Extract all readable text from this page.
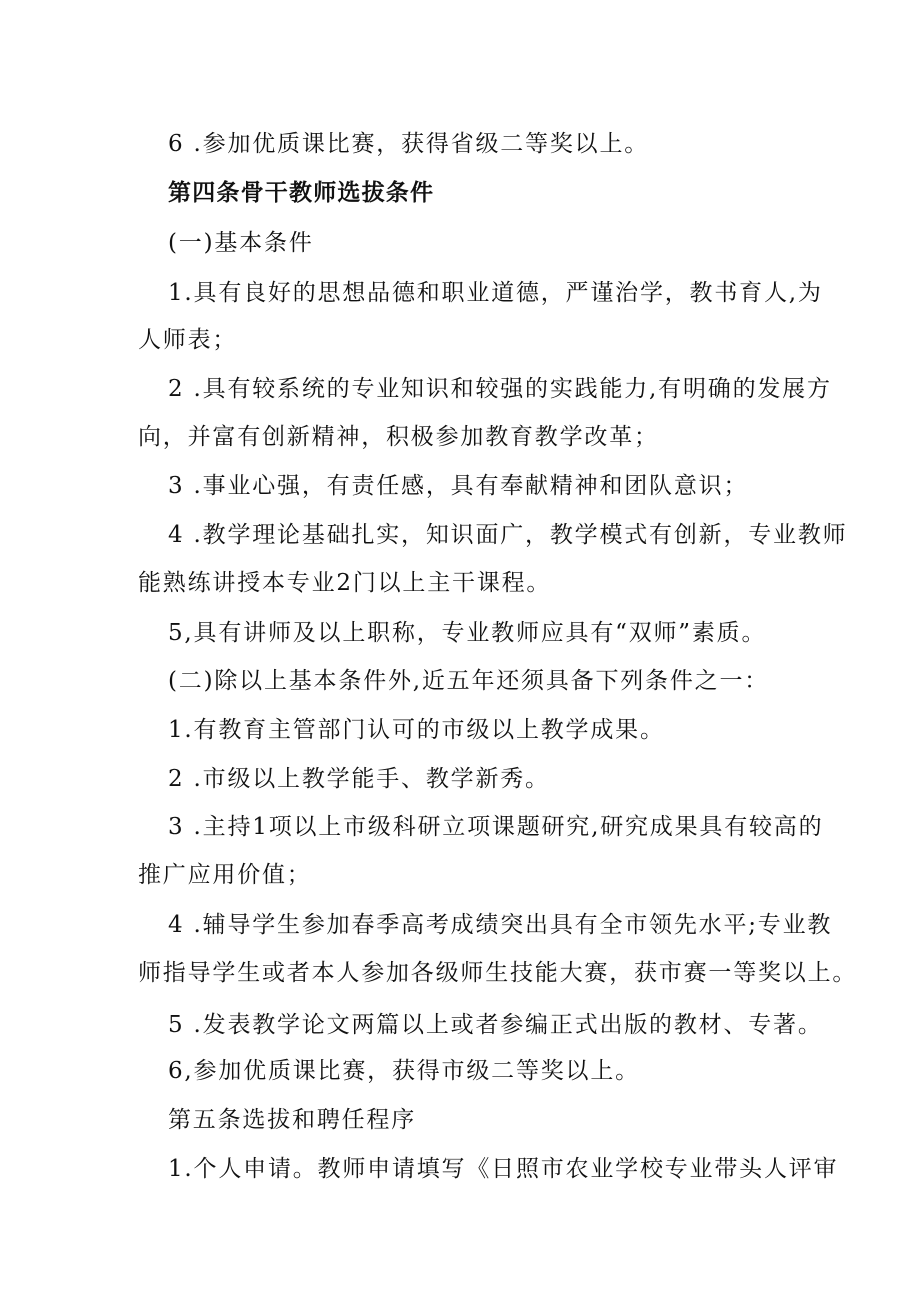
6 .参加优质课比赛，获得省级二等奖以上。
第四条骨干教师选拔条件
(一)基本条件
1.具有良好的思想品德和职业道德，严谨治学，教书育人,为
人师表；
2 .具有较系统的专业知识和较强的实践能力,有明确的发展方
向，并富有创新精神，积极参加教育教学改革；
3 .事业心强，有责任感，具有奉献精神和团队意识；
4 .教学理论基础扎实，知识面广，教学模式有创新，专业教师
能熟练讲授本专业2门以上主干课程。
5,具有讲师及以上职称，专业教师应具有“双师”素质。
(二)除以上基本条件外,近五年还须具备下列条件之一：
1.有教育主管部门认可的市级以上教学成果。
2 .市级以上教学能手、教学新秀。
3 .主持1项以上市级科研立项课题研究,研究成果具有较高的
推广应用价值；
4 .辅导学生参加春季高考成绩突出具有全市领先水平;专业教
师指导学生或者本人参加各级师生技能大赛，获市赛一等奖以上。
5 .发表教学论文两篇以上或者参编正式出版的教材、专著。
6,参加优质课比赛，获得市级二等奖以上。
第五条选拔和聘任程序
1.个人申请。教师申请填写《日照市农业学校专业带头人评审
